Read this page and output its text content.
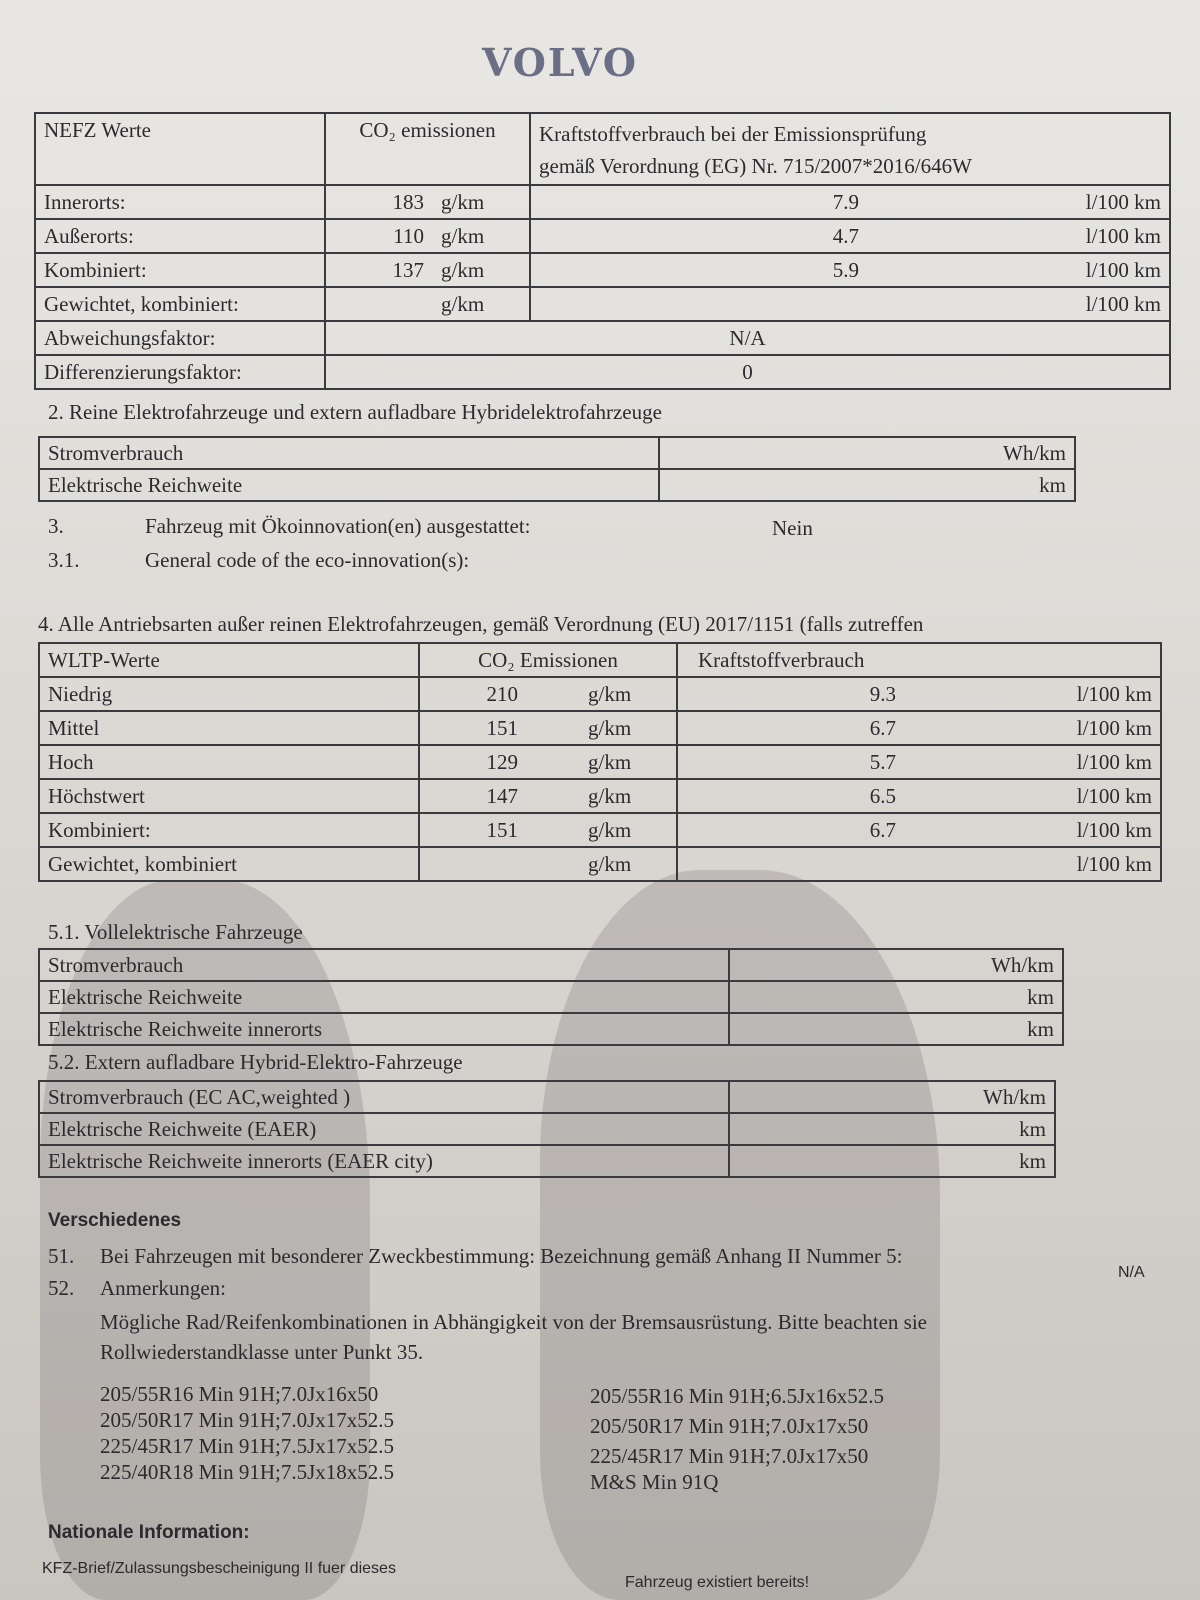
VOLVO
NEFZ Werte	CO₂ emissionen	Kraftstoffverbrauch bei der Emissionsprüfung
gemäß Verordnung (EG) Nr. 715/2007*2016/646W

Innerorts:	183 g/km	7.9 l/100 km

Außerorts:	110 g/km	4.7 l/100 km

Kombiniert:	137 g/km	5.9 l/100 km

Gewichtet, kombiniert:	g/km	l/100 km

Abweichungsfaktor:	N/A	
Differenzierungsfaktor:	0	
2. Reine Elektrofahrzeuge und extern aufladbare Hybridelektrofahrzeuge
Stromverbrauch	Wh/km
Elektrische Reichweite	km
3.	Fahrzeug mit Ökoinnovation(en) ausgestattet:	Nein
3.1.	General code of the eco-innovation(s):
4. Alle Antriebsarten außer reinen Elektrofahrzeugen, gemäß Verordnung (EU) 2017/1151 (falls zutreffen
WLTP-Werte	CO₂ Emissionen	Kraftstoffverbrauch
Niedrig	210 g/km	9.3 l/100 km

Mittel	151 g/km	6.7 l/100 km

Hoch	129 g/km	5.7 l/100 km

Höchstwert	147 g/km	6.5 l/100 km

Kombiniert:	151 g/km	6.7 l/100 km

Gewichtet, kombiniert	g/km	l/100 km
5.1. Vollelektrische Fahrzeuge
Stromverbrauch	Wh/km
Elektrische Reichweite	km
Elektrische Reichweite innerorts	km
5.2. Extern aufladbare Hybrid-Elektro-Fahrzeuge
Stromverbrauch (EC AC,weighted )	Wh/km
Elektrische Reichweite (EAER)	km
Elektrische Reichweite innerorts (EAER city)	km
Verschiedenes
51. Bei Fahrzeugen mit besonderer Zweckbestimmung: Bezeichnung gemäß Anhang II Nummer 5:
N/A
52. Anmerkungen:
Mögliche Rad/Reifenkombinationen in Abhängigkeit von der Bremsausrüstung. Bitte beachten sie
Rollwiederstandklasse unter Punkt 35.
205/55R16 Min 91H;7.0Jx16x50
205/50R17 Min 91H;7.0Jx17x52.5
225/45R17 Min 91H;7.5Jx17x52.5
225/40R18 Min 91H;7.5Jx18x52.5
205/55R16 Min 91H;6.5Jx16x52.5
205/50R17 Min 91H;7.0Jx17x50
225/45R17 Min 91H;7.0Jx17x50
M&S Min 91Q
Nationale Information:
KFZ-Brief/Zulassungsbescheinigung II fuer dieses
Fahrzeug existiert bereits!
